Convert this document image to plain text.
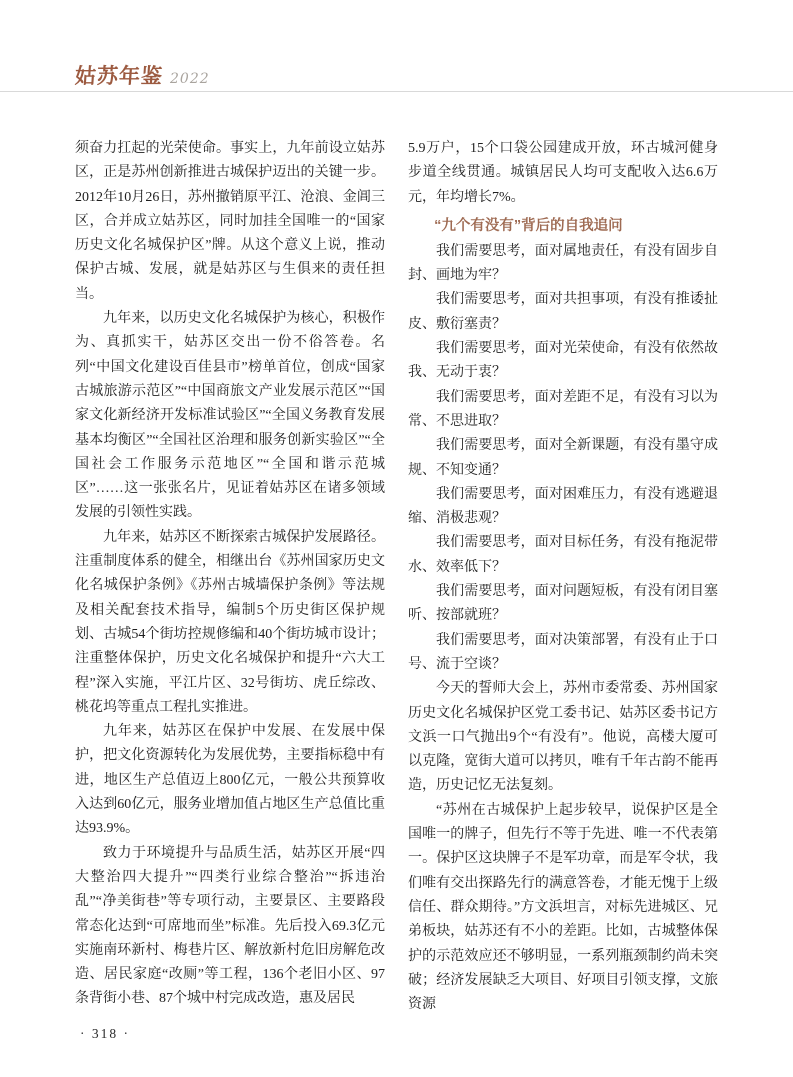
姑苏年鉴 2022

须奋力扛起的光荣使命。事实上，九年前设立姑苏区，正是苏州创新推进古城保护迈出的关键一步。2012年10月26日，苏州撤销原平江、沧浪、金阊三区，合并成立姑苏区，同时加挂全国唯一的“国家历史文化名城保护区”牌。从这个意义上说，推动保护古城、发展，就是姑苏区与生俱来的责任担当。

九年来，以历史文化名城保护为核心，积极作为、真抓实干，姑苏区交出一份不俗答卷。名列“中国文化建设百佳县市”榜单首位，创成“国家古城旅游示范区”“中国商旅文产业发展示范区”“国家文化新经济开发标准试验区”“全国义务教育发展基本均衡区”“全国社区治理和服务创新实验区”“全国社会工作服务示范地区”“全国和谐示范城区”……这一张张名片，见证着姑苏区在诸多领域发展的引领性实践。

九年来，姑苏区不断探索古城保护发展路径。注重制度体系的健全，相继出台《苏州国家历史文化名城保护条例》《苏州古城墙保护条例》等法规及相关配套技术指导，编制5个历史街区保护规划、古城54个街坊控规修编和40个街坊城市设计；注重整体保护，历史文化名城保护和提升“六大工程”深入实施，平江片区、32号街坊、虎丘综改、桃花坞等重点工程扎实推进。

九年来，姑苏区在保护中发展、在发展中保护，把文化资源转化为发展优势，主要指标稳中有进，地区生产总值迈上800亿元，一般公共预算收入达到60亿元，服务业增加值占地区生产总值比重达93.9%。

致力于环境提升与品质生活，姑苏区开展“四大整治四大提升”“四类行业综合整治”“拆违治乱”“净美街巷”等专项行动，主要景区、主要路段常态化达到“可席地而坐”标准。先后投入69.3亿元实施南环新村、梅巷片区、解放新村危旧房解危改造、居民家庭“改厕”等工程，136个老旧小区、97条背街小巷、87个城中村完成改造，惠及居民

5.9万户，15个口袋公园建成开放，环古城河健身步道全线贯通。城镇居民人均可支配收入达6.6万元，年均增长7%。

“九个有没有”背后的自我追问

我们需要思考，面对属地责任，有没有固步自封、画地为牢？

我们需要思考，面对共担事项，有没有推诿扯皮、敷衍塞责？

我们需要思考，面对光荣使命，有没有依然故我、无动于衷？

我们需要思考，面对差距不足，有没有习以为常、不思进取？

我们需要思考，面对全新课题，有没有墨守成规、不知变通？

我们需要思考，面对困难压力，有没有逃避退缩、消极悲观？

我们需要思考，面对目标任务，有没有拖泥带水、效率低下？

我们需要思考，面对问题短板，有没有闭目塞听、按部就班？

我们需要思考，面对决策部署，有没有止于口号、流于空谈？

今天的誓师大会上，苏州市委常委、苏州国家历史文化名城保护区党工委书记、姑苏区委书记方文浜一口气抛出9个“有没有”。他说，高楼大厦可以克隆，宽街大道可以拷贝，唯有千年古韵不能再造，历史记忆无法复刻。

“苏州在古城保护上起步较早，说保护区是全国唯一的牌子，但先行不等于先进、唯一不代表第一。保护区这块牌子不是军功章，而是军令状，我们唯有交出探路先行的满意答卷，才能无愧于上级信任、群众期待。”方文浜坦言，对标先进城区、兄弟板块，姑苏还有不小的差距。比如，古城整体保护的示范效应还不够明显，一系列瓶颈制约尚未突破；经济发展缺乏大项目、好项目引领支撑，文旅资源

· 318 ·
